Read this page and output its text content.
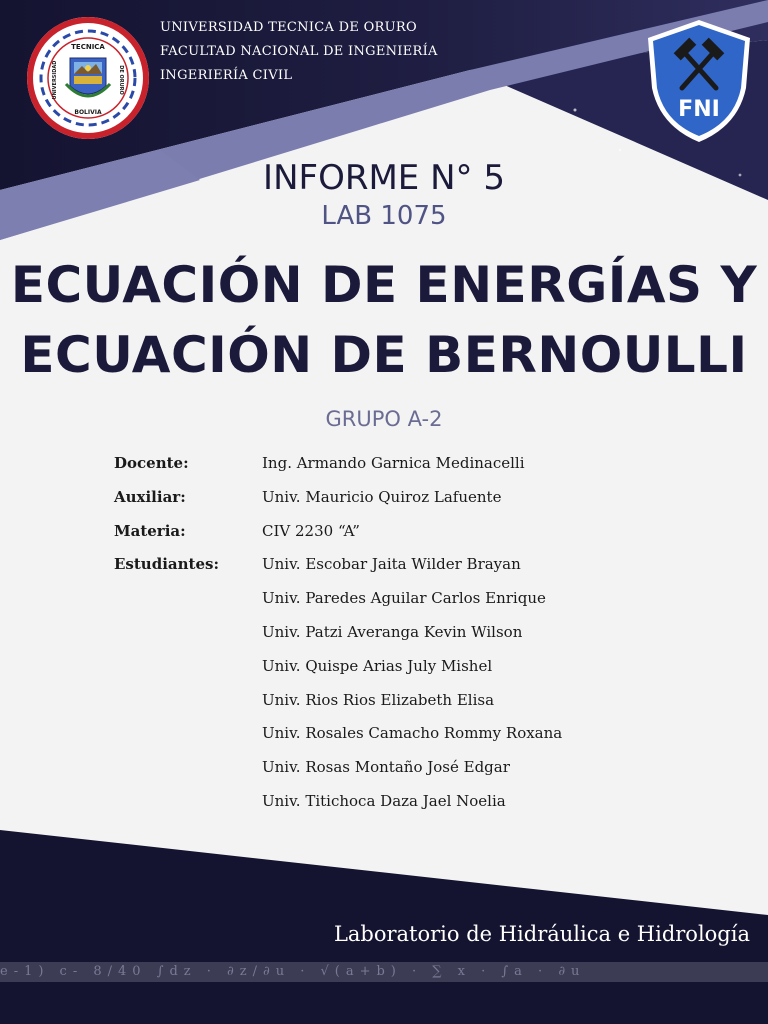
TECNICA
BOLIVIA
UNIVERSIDAD	DE ORURO
UNIVERSIDAD TECNICA DE ORURO
FACULTAD NACIONAL DE INGENIERÍA
INGERIERÍA CIVIL
FNI
INFORME N° 5
LAB 1075
ECUACIÓN DE ENERGÍAS Y
ECUACIÓN DE BERNOULLI
GRUPO A-2
Docente:	Ing. Armando Garnica Medinacelli
Auxiliar:	Univ. Mauricio Quiroz Lafuente
Materia:	CIV 2230 “A”
Estudiantes:	Univ. Escobar Jaita Wilder Brayan
Univ. Paredes Aguilar Carlos Enrique
Univ. Patzi Averanga Kevin Wilson
Univ. Quispe Arias July Mishel
Univ. Rios Rios Elizabeth Elisa
Univ. Rosales Camacho Rommy Roxana
Univ. Rosas Montaño José Edgar
Univ. Titichoca Daza Jael Noelia
Laboratorio de Hidráulica e Hidrología
e-1) c- 8/40 ∫dz · ∂z/∂u · √(a+b) · ∑ x · ∫a · ∂u
